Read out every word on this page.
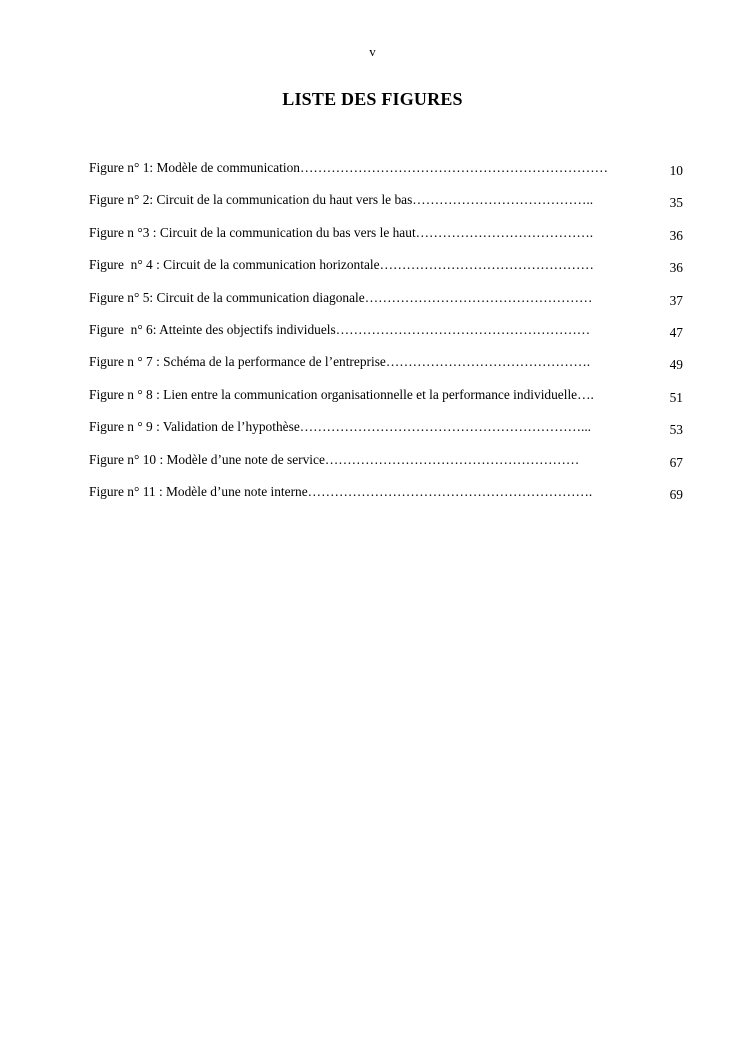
v
LISTE DES FIGURES
Figure n° 1: Modèle de communication……………………………………………………………	10
Figure n° 2: Circuit de la communication du haut vers le bas…………………………………..	35
Figure n °3 : Circuit de la communication du bas vers le haut………………………………….	36
Figure  n° 4 : Circuit de la communication horizontale…………………………………………	36
Figure n° 5: Circuit de la communication diagonale……………………………………………	37
Figure  n° 6: Atteinte des objectifs individuels…………………………………………………	47
Figure n ° 7 : Schéma de la performance de l’entreprise……………………………………….	49
Figure n ° 8 : Lien entre la communication organisationnelle et la performance individuelle….	51
Figure n ° 9 : Validation de l’hypothèse………………………………………………………...	53
Figure n° 10 : Modèle d’une note de service…………………………………………………	67
Figure n° 11 : Modèle d’une note interne……………………………………………………….	69
